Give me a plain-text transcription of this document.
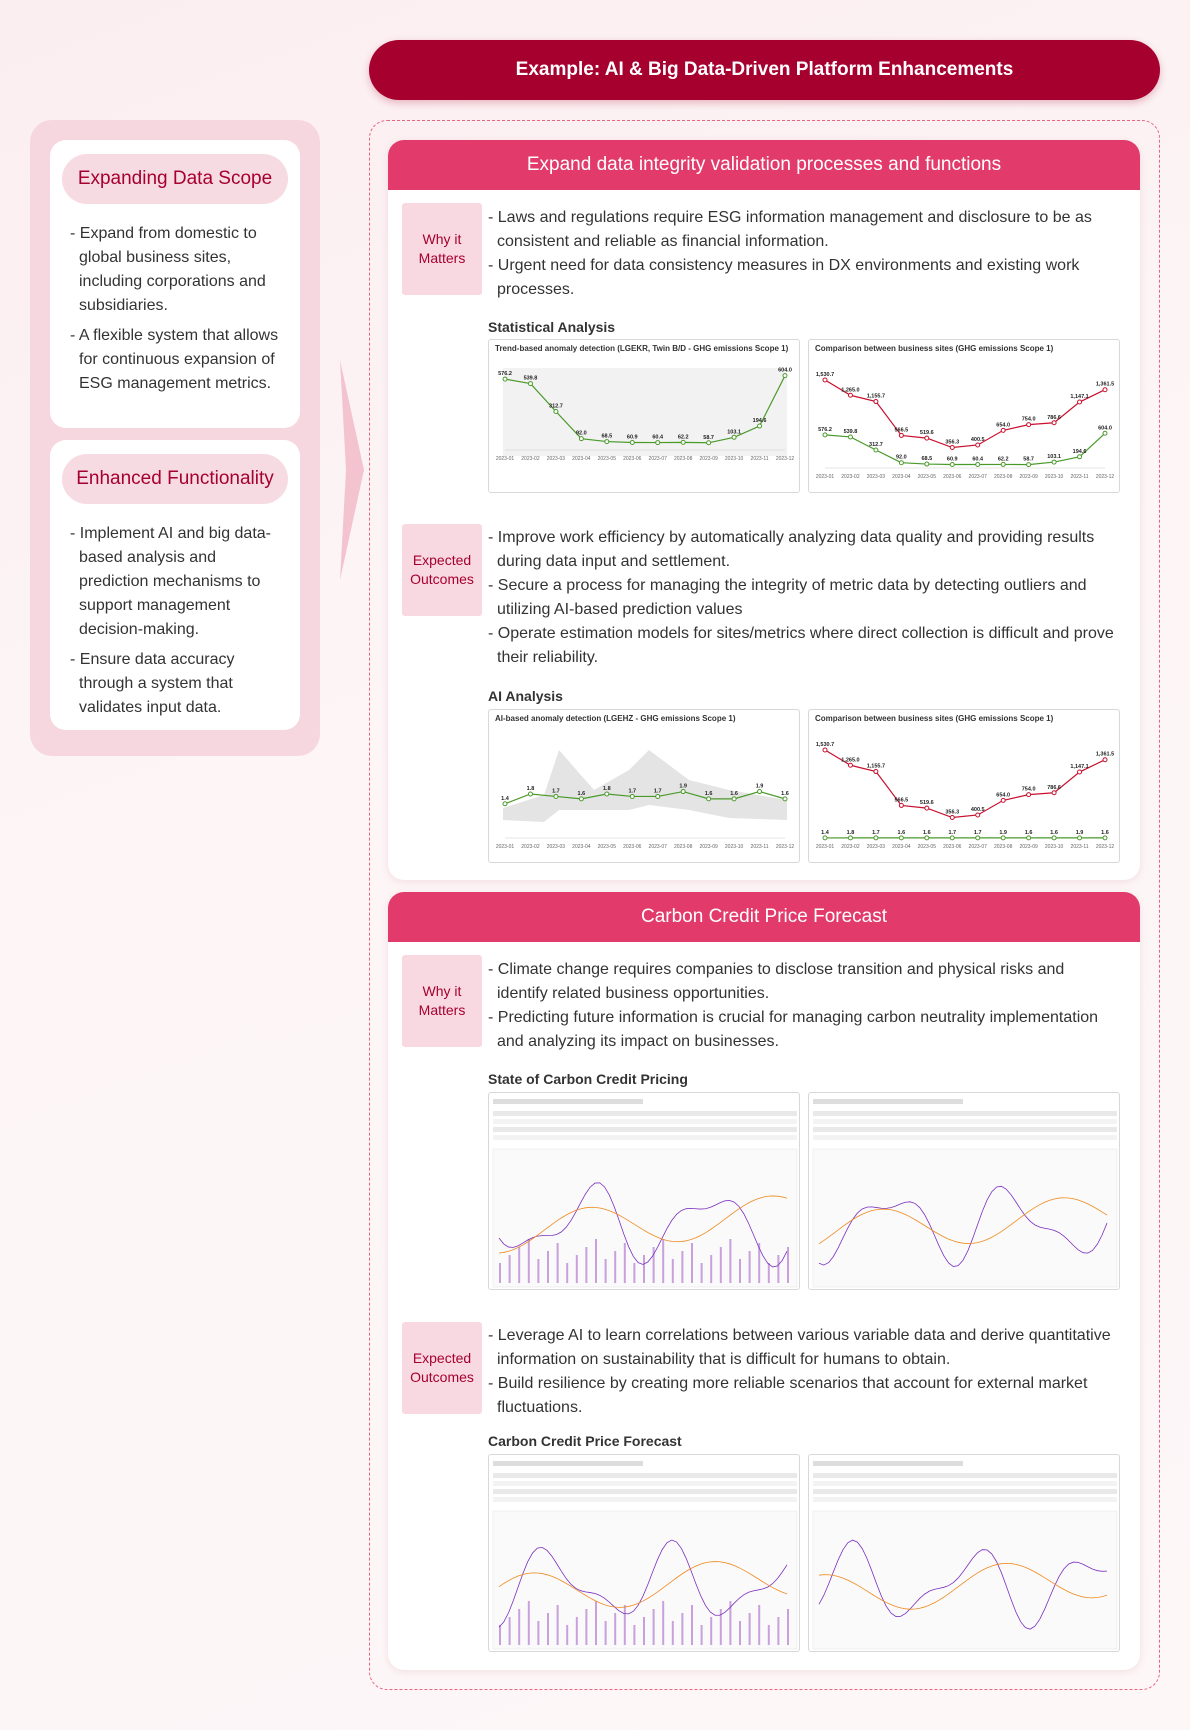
Example: AI & Big Data-Driven Platform Enhancements
Expanding Data Scope
- Expand from domestic to global business sites, including corporations and subsidiaries.
- A flexible system that allows for continuous expansion of ESG management metrics.
Enhanced Functionality
- Implement AI and big data-based analysis and prediction mechanisms to support management decision-making.
- Ensure data accuracy through a system that validates input data.
Expand data integrity validation processes and functions
Why it Matters
- Laws and regulations require ESG information management and disclosure to be as consistent and reliable as financial information.
- Urgent need for data consistency measures in DX environments and existing work processes.
Statistical Analysis
Trend-based anomaly detection (LGEKR, Twin B/D - GHG emissions Scope 1)
2023-01 2023-02 2023-03 2023-04 2023-05 2023-06 2023-07 2023-08 2023-09 2023-10 2023-11 2023-12
576.2
539.8
312.7
92.0	68.5	60.9	60.4	62.2	58.7
103.1
194.6
604.0
Comparison between business sites (GHG emissions Scope 1)
2023-01 2023-02 2023-03 2023-04 2023-05 2023-06 2023-07 2023-08 2023-09 2023-10 2023-11 2023-12
1,530.7
1,265.0
1,155.7
566.5 519.6
356.3 400.5
654.0
754.0 786.6
1,147.1
1,361.5
576.2 539.8
312.7
92.0	68.5	60.9	60.4	62.2	58.7 103.1
194.6
604.0
Expected Outcomes
- Improve work efficiency by automatically analyzing data quality and providing results during data input and settlement.
- Secure a process for managing the integrity of metric data by detecting outliers and utilizing AI-based prediction values
- Operate estimation models for sites/metrics where direct collection is difficult and prove their reliability.
AI Analysis
AI-based anomaly detection (LGEHZ - GHG emissions Scope 1)
2023-01 2023-02 2023-03 2023-04 2023-05 2023-06 2023-07 2023-08 2023-09 2023-10 2023-11 2023-12
1.4
1.8	1.7	1.6
1.8	1.7	1.7
1.9
1.6	1.6
1.9
1.6
Comparison between business sites (GHG emissions Scope 1)
2023-01 2023-02 2023-03 2023-04 2023-05 2023-06 2023-07 2023-08 2023-09 2023-10 2023-11 2023-12
1,530.7
1,265.0
1,155.7
566.5 519.6
356.3 400.5
654.0
754.0 786.6
1,147.1
1,361.5
1.4	1.8	1.7	1.6	1.6	1.7	1.7	1.9	1.6	1.6	1.9	1.6
Carbon Credit Price Forecast
Why it Matters
- Climate change requires companies to disclose transition and physical risks and identify related business opportunities.
- Predicting future information is crucial for managing carbon neutrality implementation and analyzing its impact on businesses.
State of Carbon Credit Pricing
Expected Outcomes
- Leverage AI to learn correlations between various variable data and derive quantitative information on sustainability that is difficult for humans to obtain.
- Build resilience by creating more reliable scenarios that account for external market fluctuations.
Carbon Credit Price Forecast
